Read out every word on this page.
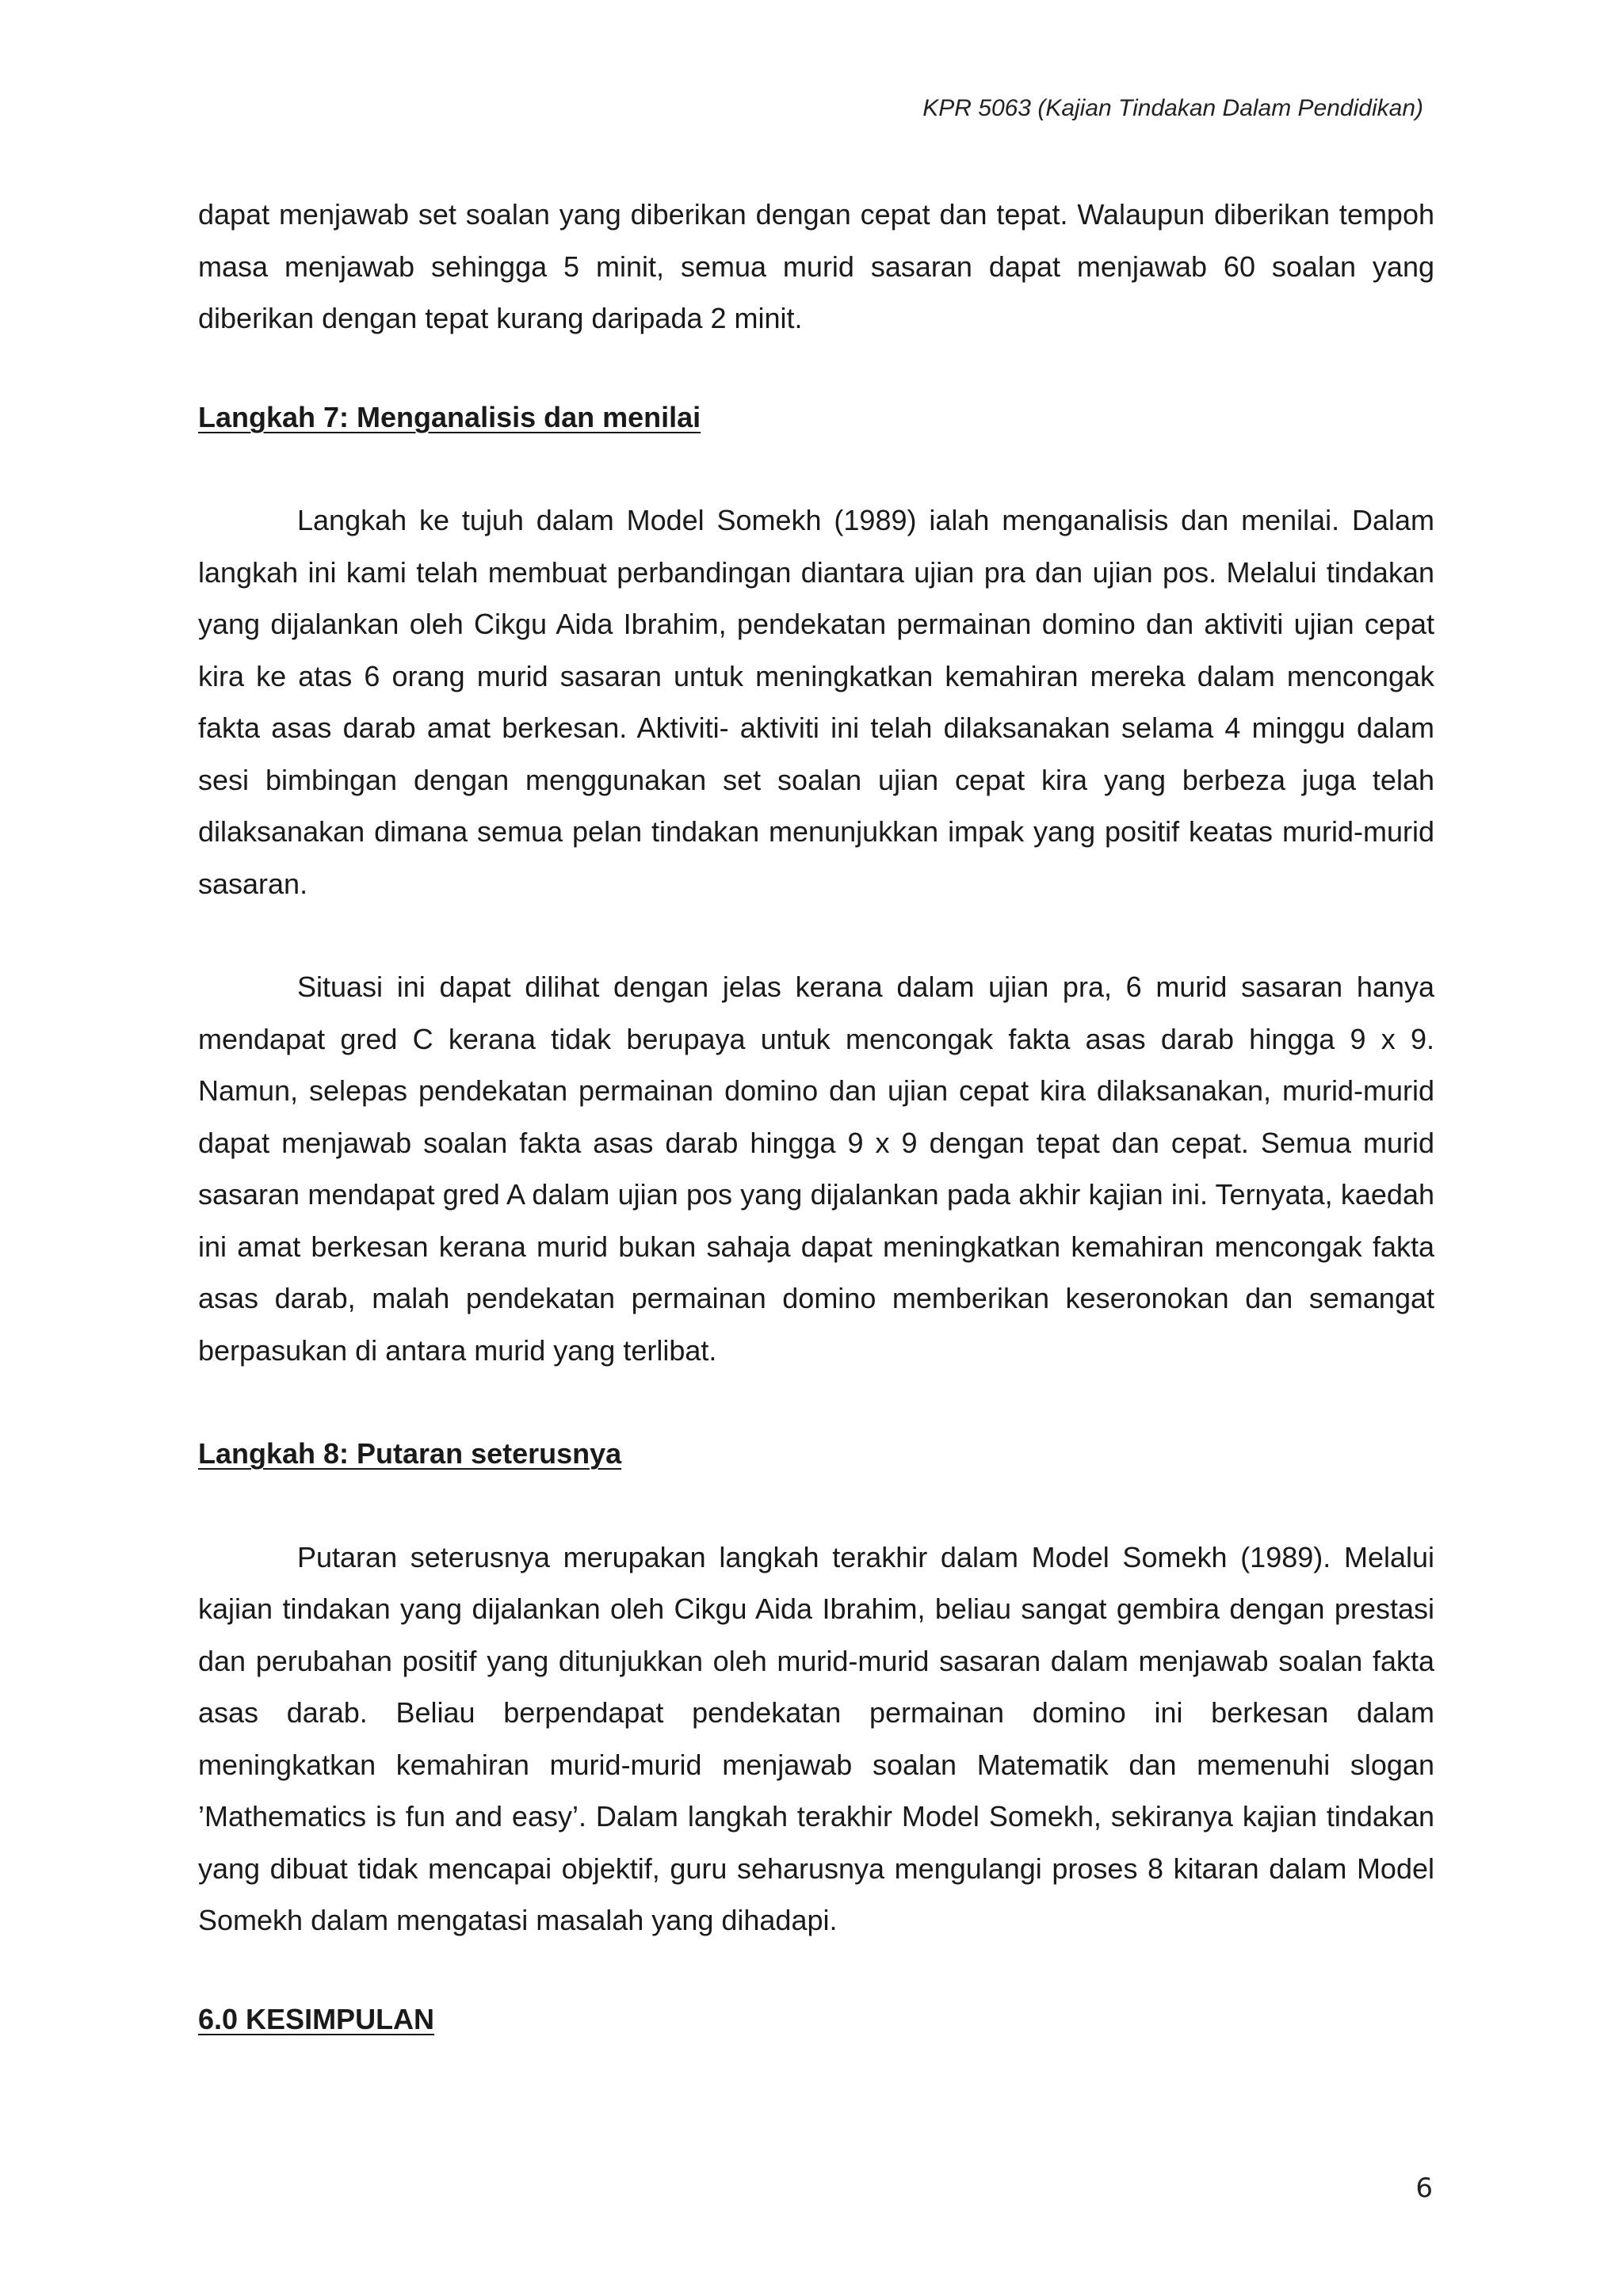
KPR 5063 (Kajian Tindakan Dalam Pendidikan)

dapat menjawab set soalan yang diberikan dengan cepat dan tepat. Walaupun diberikan tempoh masa menjawab sehingga 5 minit, semua murid sasaran dapat menjawab 60 soalan yang diberikan dengan tepat kurang daripada 2 minit.

Langkah 7: Menganalisis dan menilai

Langkah ke tujuh dalam Model Somekh (1989) ialah menganalisis dan menilai. Dalam langkah ini kami telah membuat perbandingan diantara ujian pra dan ujian pos. Melalui tindakan yang dijalankan oleh Cikgu Aida Ibrahim, pendekatan permainan domino dan aktiviti ujian cepat kira ke atas 6 orang murid sasaran untuk meningkatkan kemahiran mereka dalam mencongak fakta asas darab amat berkesan. Aktiviti- aktiviti ini telah dilaksanakan selama 4 minggu dalam sesi bimbingan dengan menggunakan set soalan ujian cepat kira yang berbeza juga telah dilaksanakan dimana semua pelan tindakan menunjukkan impak yang positif keatas murid-murid sasaran.

Situasi ini dapat dilihat dengan jelas kerana dalam ujian pra, 6 murid sasaran hanya mendapat gred C kerana tidak berupaya untuk mencongak fakta asas darab hingga 9 x 9. Namun, selepas pendekatan permainan domino dan ujian cepat kira dilaksanakan, murid-murid dapat menjawab soalan fakta asas darab hingga 9 x 9 dengan tepat dan cepat. Semua murid sasaran mendapat gred A dalam ujian pos yang dijalankan pada akhir kajian ini. Ternyata, kaedah ini amat berkesan kerana murid bukan sahaja dapat meningkatkan kemahiran mencongak fakta asas darab, malah pendekatan permainan domino memberikan keseronokan dan semangat berpasukan di antara murid yang terlibat.

Langkah 8: Putaran seterusnya

Putaran seterusnya merupakan langkah terakhir dalam Model Somekh (1989). Melalui kajian tindakan yang dijalankan oleh Cikgu Aida Ibrahim, beliau sangat gembira dengan prestasi dan perubahan positif yang ditunjukkan oleh murid-murid sasaran dalam menjawab soalan fakta asas darab. Beliau berpendapat pendekatan permainan domino ini berkesan dalam meningkatkan kemahiran murid-murid menjawab soalan Matematik dan memenuhi slogan ’Mathematics is fun and easy’. Dalam langkah terakhir Model Somekh, sekiranya kajian tindakan yang dibuat tidak mencapai objektif, guru seharusnya mengulangi proses 8 kitaran dalam Model Somekh dalam mengatasi masalah yang dihadapi.

6.0 KESIMPULAN

6
